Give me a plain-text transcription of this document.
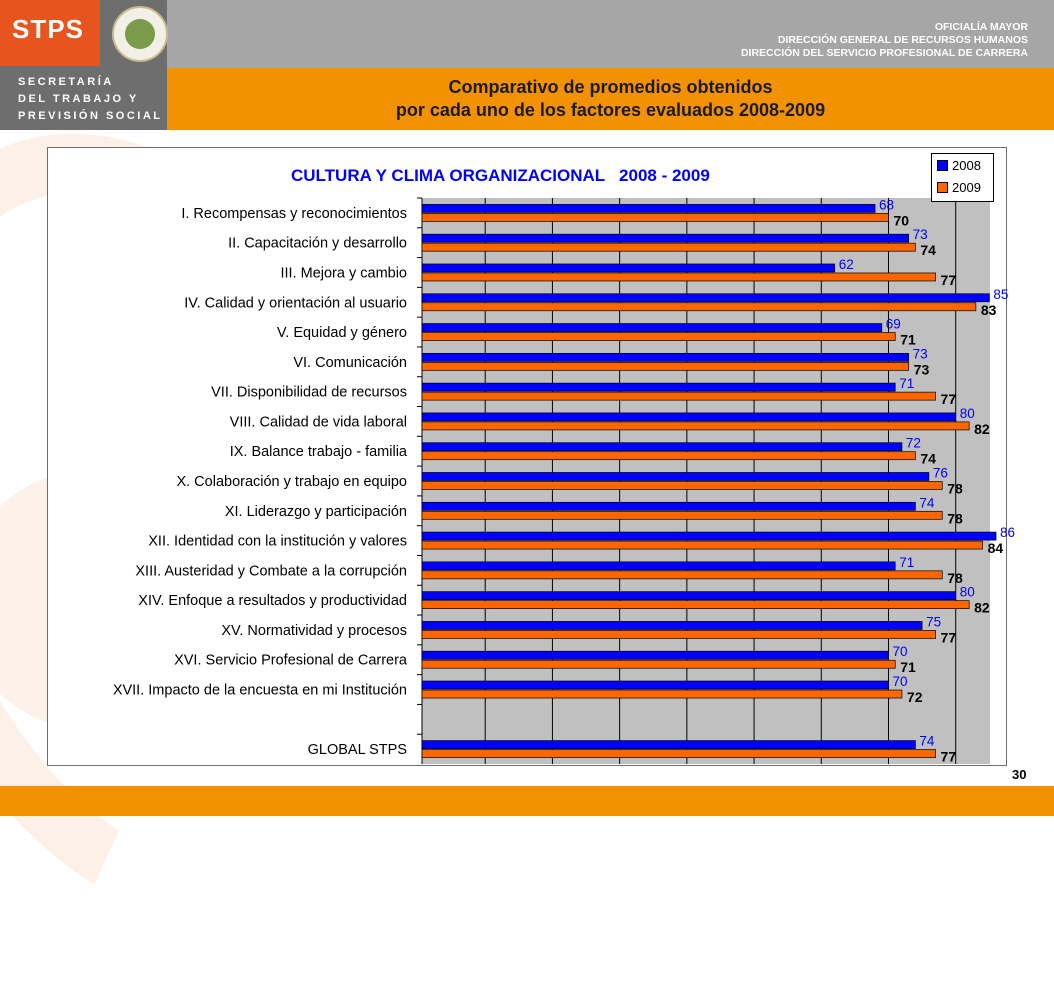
STPS
SECRETARÍA
DEL TRABAJO Y
PREVISIÓN SOCIAL
OFICIALÍA MAYOR
DIRECCIÓN GENERAL DE RECURSOS HUMANOS
DIRECCIÓN DEL SERVICIO PROFESIONAL DE CARRERA
Comparativo de promedios obtenidos
por cada uno de los factores evaluados 2008-2009
I. Recompensas y reconocimientos
68
70
II. Capacitación y desarrollo
73
74
III. Mejora y cambio
62
77
IV. Calidad y orientación al usuario
85
83
V. Equidad y género
69
71
VI. Comunicación
73
73
VII. Disponibilidad de recursos
71
77
VIII. Calidad de vida laboral
80
82
IX. Balance trabajo - familia
72
74
X. Colaboración y trabajo en equipo
76
78
XI. Liderazgo y participación
74
78
XII. Identidad con la institución y valores
86
84
XIII. Austeridad y Combate a la corrupción
71
78
XIV. Enfoque a resultados y productividad
80
82
XV. Normatividad y procesos
75
77
XVI. Servicio Profesional de Carrera
70
71
XVII. Impacto de la encuesta en mi Institución
70
72
GLOBAL STPS
74
77
CULTURA Y CLIMA ORGANIZACIONAL   2008 - 2009
2008
2009
30
